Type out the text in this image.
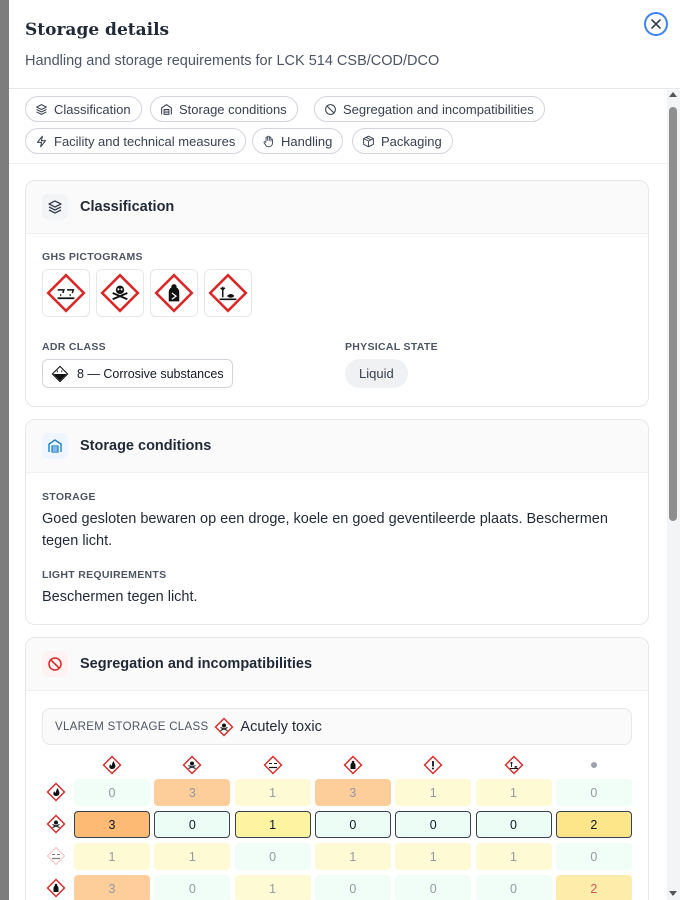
Storage details
Handling and storage requirements for LCK 514 CSB/COD/DCO
Classification	Storage conditions	Segregation and incompatibilities
Facility and technical measures	Handling	Packaging
Classification
GHS PICTOGRAMS
ADR CLASS
8 — Corrosive substances
PHYSICAL STATE
Liquid
Storage conditions
STORAGE
Goed gesloten bewaren op een droge, koele en goed geventileerde plaats. Beschermen tegen licht.
LIGHT REQUIREMENTS
Beschermen tegen licht.
Segregation and incompatibilities
VLAREM STORAGE CLASS Acutely toxic
0	3	1	3	1	1	0
3	0	1	0	0	0	2
1	1	0	1	1	1	0
3	0	1	0	0	0	2
